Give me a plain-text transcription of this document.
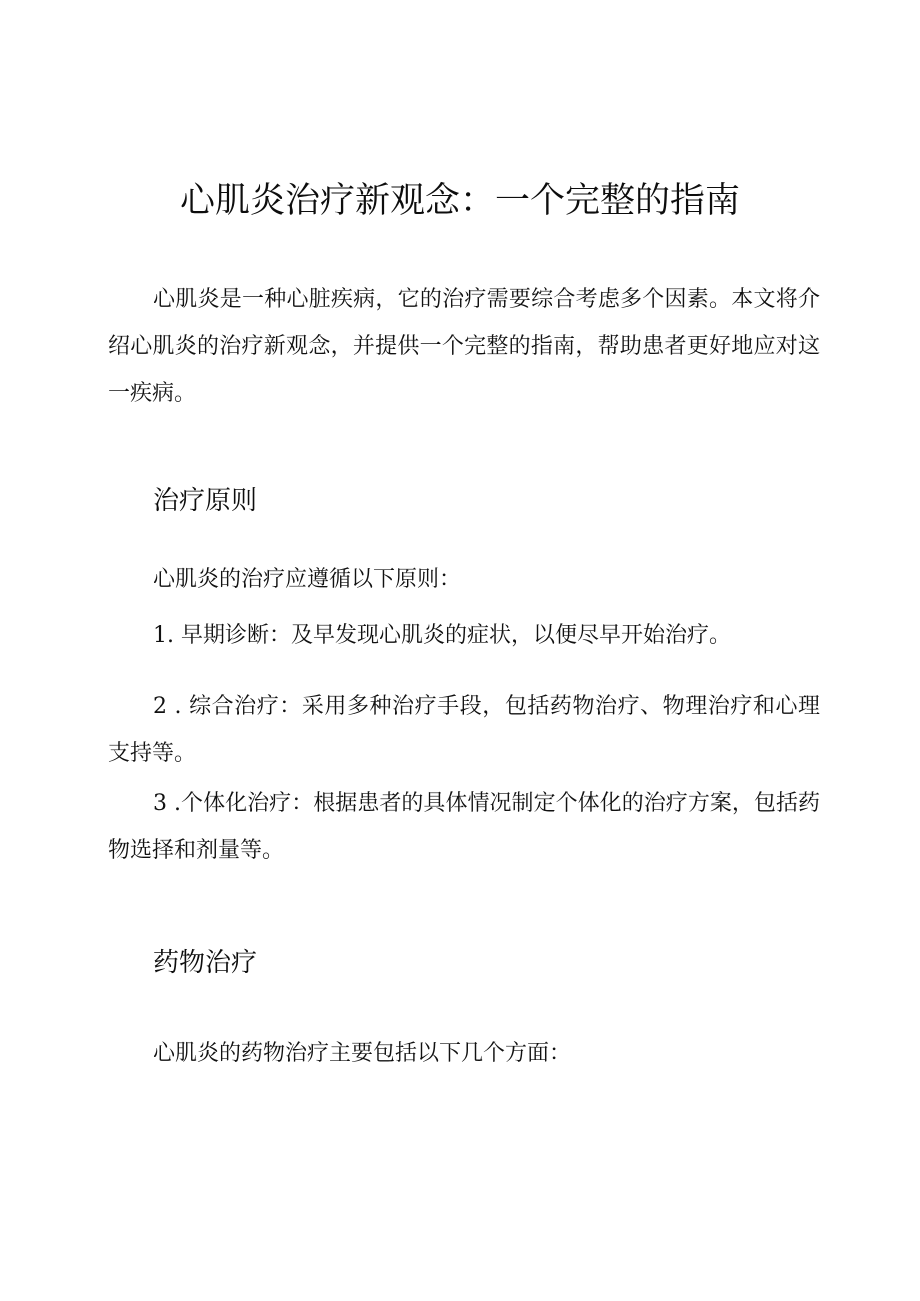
心肌炎治疗新观念：一个完整的指南

心肌炎是一种心脏疾病，它的治疗需要综合考虑多个因素。本文将介绍心肌炎的治疗新观念，并提供一个完整的指南，帮助患者更好地应对这一疾病。

治疗原则

心肌炎的治疗应遵循以下原则：

1. 早期诊断：及早发现心肌炎的症状，以便尽早开始治疗。

2 . 综合治疗：采用多种治疗手段，包括药物治疗、物理治疗和心理支持等。

3 .个体化治疗：根据患者的具体情况制定个体化的治疗方案，包括药物选择和剂量等。

药物治疗

心肌炎的药物治疗主要包括以下几个方面：
